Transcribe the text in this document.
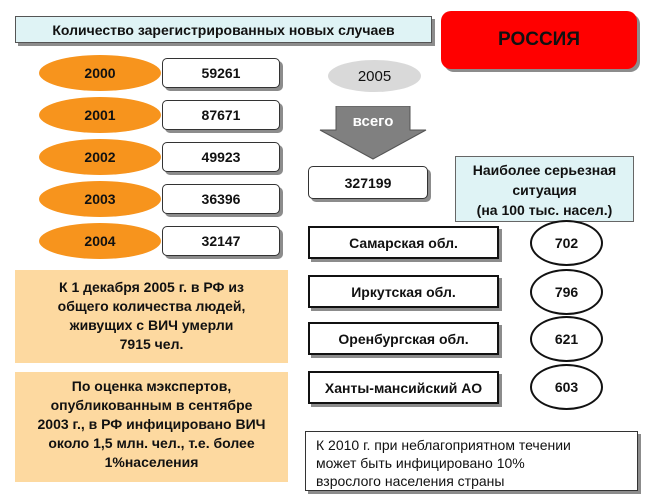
Количество зарегистрированных новых случаев	РОССИЯ
2000	59261
2001	87671
2002	49923
2003	36396
2004	32147
2005
всего
327199
Наиболее серьезная
ситуация
(на 100 тыс. насел.)
Самарская обл.	702
Иркутская обл.	796
Оренбургская обл.	621
Ханты-мансийский АО	603
К 1 декабря 2005 г. в РФ из
общего количества людей,
живущих с ВИЧ умерли
7915 чел.
По оценка мэкспертов,
опубликованным в сентябре
2003 г., в РФ инфицировано ВИЧ
около 1,5 млн. чел., т.е. более
1%населения
К 2010 г. при неблагоприятном течении
может быть инфицировано 10%
взрослого населения страны
